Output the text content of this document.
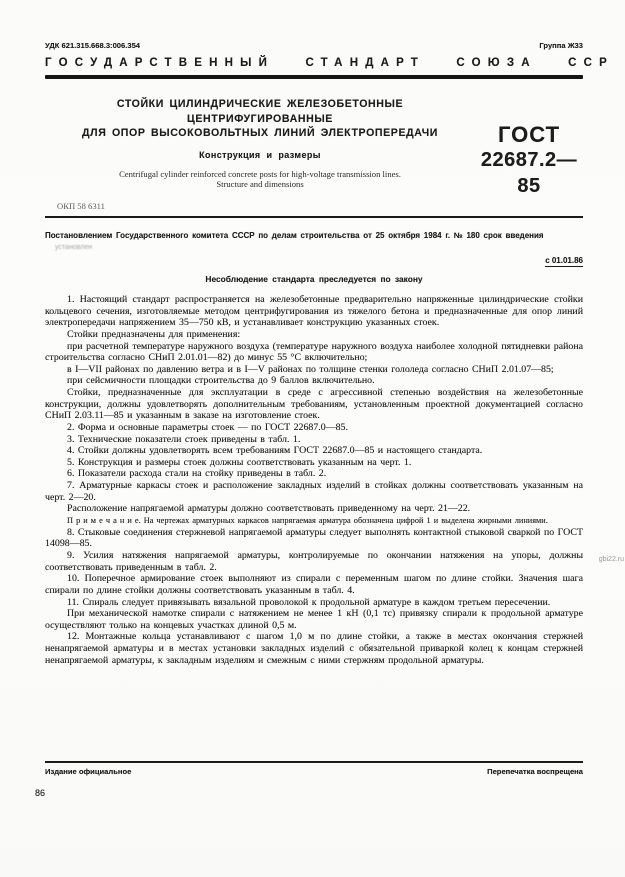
УДК 621.315.668.3:006.354	Группа Ж33
ГОСУДАРСТВЕННЫЙ СТАНДАРТ СОЮЗА ССР
СТОЙКИ ЦИЛИНДРИЧЕСКИЕ ЖЕЛЕЗОБЕТОННЫЕ
ЦЕНТРИФУГИРОВАННЫЕ
ДЛЯ ОПОР ВЫСОКОВОЛЬТНЫХ ЛИНИЙ ЭЛЕКТРОПЕРЕДАЧИ
Конструкция и размеры
Centrifugal cylinder reinforced concrete posts for high-voltage transmission lines.
Structure and dimensions
ГОСТ
22687.2—85
ОКП 58 6311
Постановлением Государственного комитета СССР по делам строительства от 25 октября 1984 г. № 180 срок введения
установлен
с 01.01.86
Несоблюдение стандарта преследуется по закону

1. Настоящий стандарт распространяется на железобетонные предварительно напряженные цилиндрические стойки кольцевого сечения, изготовляемые методом центрифугирования из тяжелого бетона и предназначенные для опор линий электропередачи напряжением 35—750 кВ, и устанавливает конструкцию указанных стоек.

Стойки предназначены для применения:

при расчетной температуре наружного воздуха (температуре наружного воздуха наиболее холодной пятидневки района строительства согласно СНиП 2.01.01—82) до минус 55 °С включительно;

в I—VII районах по давлению ветра и в I—V районах по толщине стенки гололеда согласно СНиП 2.01.07—85;

при сейсмичности площадки строительства до 9 баллов включительно.

Стойки, предназначенные для эксплуатации в среде с агрессивной степенью воздействия на железобетонные конструкции, должны удовлетворять дополнительным требованиям, установленным проектной документацией согласно СНиП 2.03.11—85 и указанным в заказе на изготовление стоек.

2. Форма и основные параметры стоек — по ГОСТ 22687.0—85.

3. Технические показатели стоек приведены в табл. 1.

4. Стойки должны удовлетворять всем требованиям ГОСТ 22687.0—85 и настоящего стандарта.

5. Конструкция и размеры стоек должны соответствовать указанным на черт. 1.

6. Показатели расхода стали на стойку приведены в табл. 2.

7. Арматурные каркасы стоек и расположение закладных изделий в стойках должны соответствовать указанным на черт. 2—20.

Расположение напрягаемой арматуры должно соответствовать приведенному на черт. 21—22.

П р и м е ч а н и е. На чертежах арматурных каркасов напрягаемая арматура обозначена цифрой 1 и выделена жирными линиями.

8. Стыковые соединения стержневой напрягаемой арматуры следует выполнять контактной стыковой сваркой по ГОСТ 14098—85.

9. Усилия натяжения напрягаемой арматуры, контролируемые по окончании натяжения на упоры, должны соответствовать приведенным в табл. 2.

10. Поперечное армирование стоек выполняют из спирали с переменным шагом по длине стойки. Значения шага спирали по длине стойки должны соответствовать указанным в табл. 4.

11. Спираль следует привязывать вязальной проволокой к продольной арматуре в каждом третьем пересечении.

При механической намотке спирали с натяжением не менее 1 кН (0,1 тс) привязку спирали к продольной арматуре осуществляют только на концевых участках длиной 0,5 м.

12. Монтажные кольца устанавливают с шагом 1,0 м по длине стойки, а также в местах окончания стержней ненапрягаемой арматуры и в местах установки закладных изделий с обязательной приваркой колец к концам стержней ненапрягаемой арматуры, к закладным изделиям и смежным с ними стержням продольной арматуры.

Издание официальное	Перепечатка воспрещена
86
gbi22.ru
